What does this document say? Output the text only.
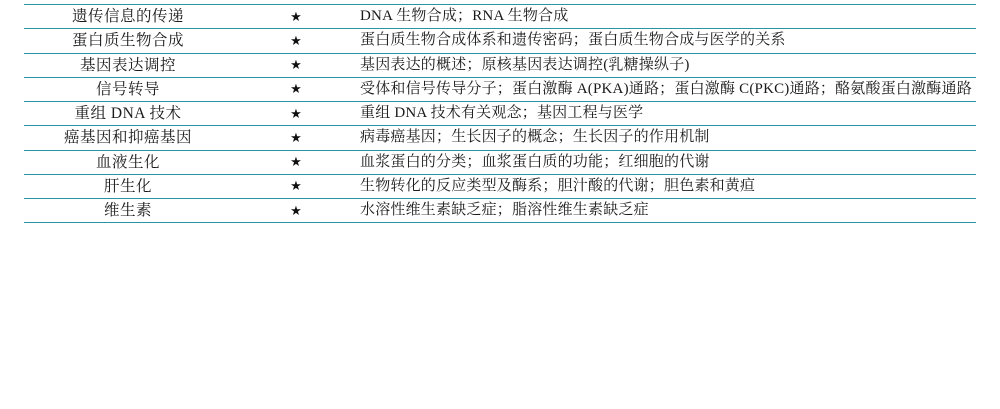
遗传信息的传递	★	DNA 生物合成；RNA 生物合成
蛋白质生物合成	★	蛋白质生物合成体系和遗传密码；蛋白质生物合成与医学的关系
基因表达调控	★	基因表达的概述；原核基因表达调控(乳糖操纵子)
信号转导	★	受体和信号传导分子；蛋白激酶 A(PKA)通路；蛋白激酶 C(PKC)通路；酪氨酸蛋白激酶通路
重组 DNA 技术	★	重组 DNA 技术有关观念；基因工程与医学
癌基因和抑癌基因	★	病毒癌基因；生长因子的概念；生长因子的作用机制
血液生化	★	血浆蛋白的分类；血浆蛋白质的功能；红细胞的代谢
肝生化	★	生物转化的反应类型及酶系；胆汁酸的代谢；胆色素和黄疸
维生素	★	水溶性维生素缺乏症；脂溶性维生素缺乏症
